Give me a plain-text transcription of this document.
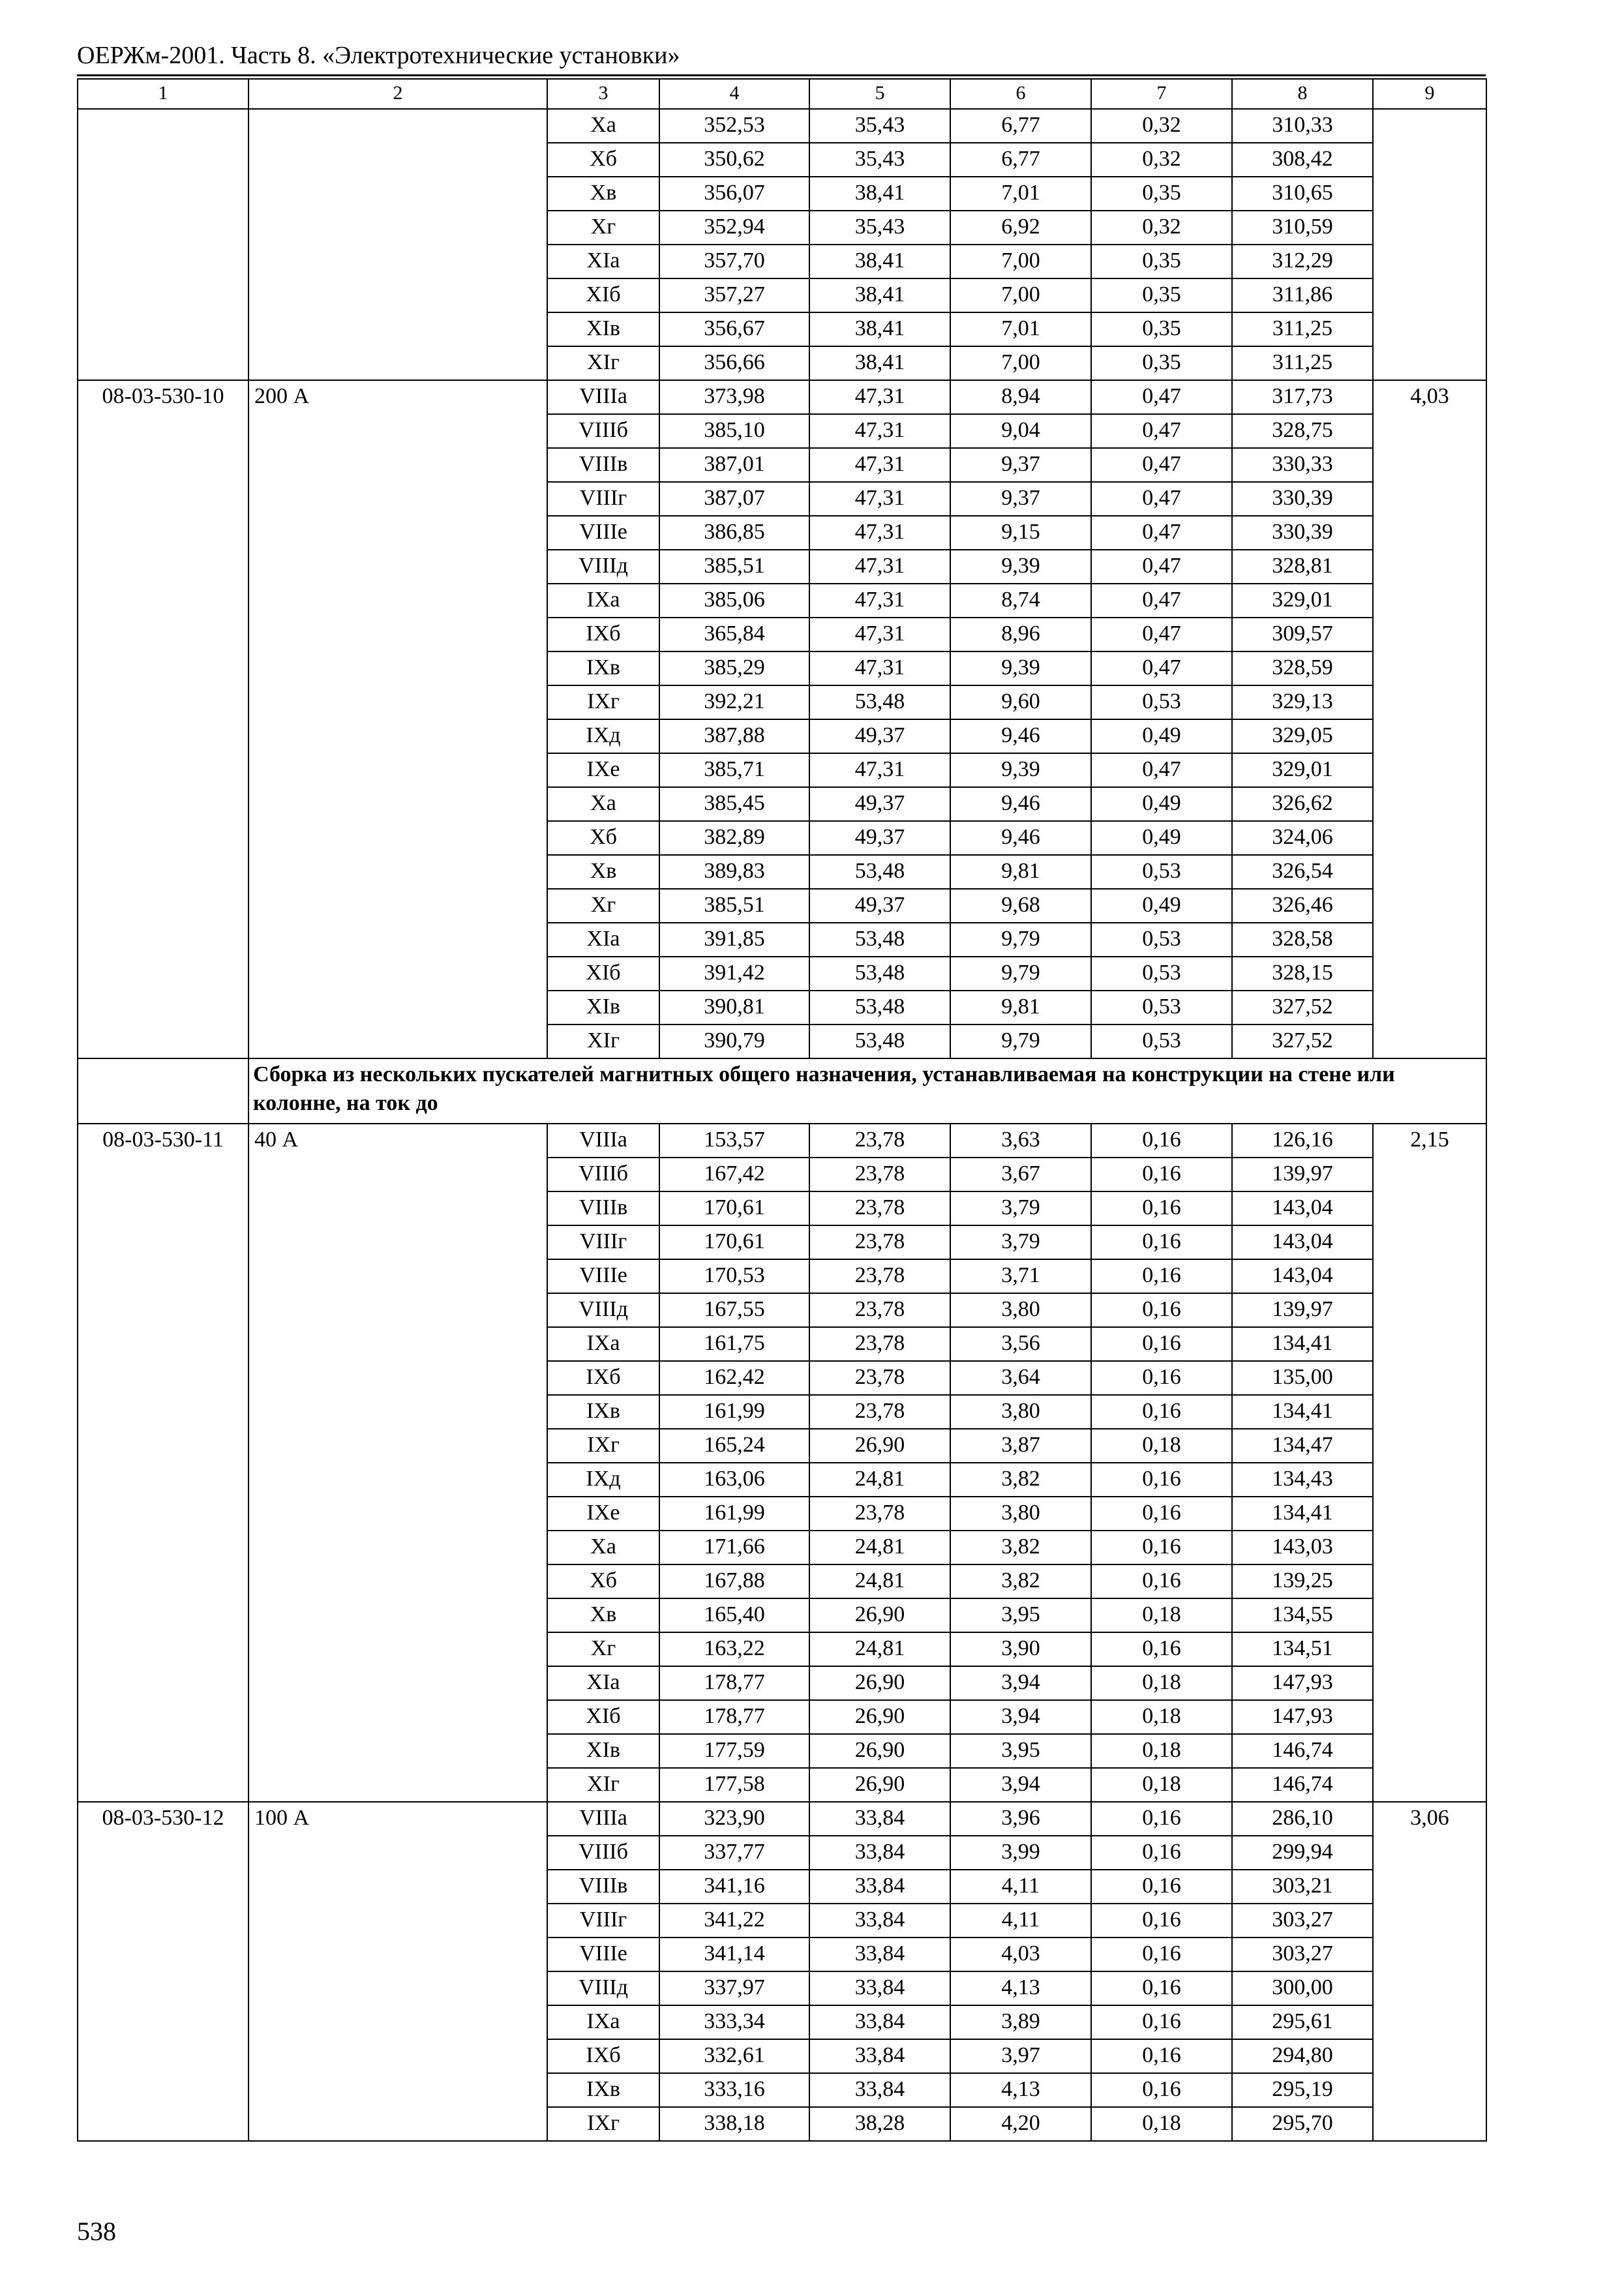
ОЕРЖм-2001. Часть 8. «Электротехнические установки»
1	2	3	4	5	6	7	8	9
		Xa	352,53	35,43	6,77	0,32	310,33	
		Xб	350,62	35,43	6,77	0,32	308,42	
		Xв	356,07	38,41	7,01	0,35	310,65	
		Xг	352,94	35,43	6,92	0,32	310,59	
		XIa	357,70	38,41	7,00	0,35	312,29	
		XIб	357,27	38,41	7,00	0,35	311,86	
		XIв	356,67	38,41	7,01	0,35	311,25	
		XIг	356,66	38,41	7,00	0,35	311,25	
08-03-530-10	200 А	VIIIa	373,98	47,31	8,94	0,47	317,73	4,03
		VIIIб	385,10	47,31	9,04	0,47	328,75	
		VIIIв	387,01	47,31	9,37	0,47	330,33	
		VIIIг	387,07	47,31	9,37	0,47	330,39	
		VIIIе	386,85	47,31	9,15	0,47	330,39	
		VIIIд	385,51	47,31	9,39	0,47	328,81	
		IXa	385,06	47,31	8,74	0,47	329,01	
		IXб	365,84	47,31	8,96	0,47	309,57	
		IXв	385,29	47,31	9,39	0,47	328,59	
		IXг	392,21	53,48	9,60	0,53	329,13	
		IXд	387,88	49,37	9,46	0,49	329,05	
		IXе	385,71	47,31	9,39	0,47	329,01	
		Xa	385,45	49,37	9,46	0,49	326,62	
		Xб	382,89	49,37	9,46	0,49	324,06	
		Xв	389,83	53,48	9,81	0,53	326,54	
		Xг	385,51	49,37	9,68	0,49	326,46	
		XIa	391,85	53,48	9,79	0,53	328,58	
		XIб	391,42	53,48	9,79	0,53	328,15	
		XIв	390,81	53,48	9,81	0,53	327,52	
		XIг	390,79	53,48	9,79	0,53	327,52	
	Сборка из нескольких пускателей магнитных общего назначения, устанавливаемая на конструкции на стене или колонне, на ток до							
08-03-530-11	40 А	VIIIa	153,57	23,78	3,63	0,16	126,16	2,15
		VIIIб	167,42	23,78	3,67	0,16	139,97	
		VIIIв	170,61	23,78	3,79	0,16	143,04	
		VIIIг	170,61	23,78	3,79	0,16	143,04	
		VIIIе	170,53	23,78	3,71	0,16	143,04	
		VIIIд	167,55	23,78	3,80	0,16	139,97	
		IXa	161,75	23,78	3,56	0,16	134,41	
		IXб	162,42	23,78	3,64	0,16	135,00	
		IXв	161,99	23,78	3,80	0,16	134,41	
		IXг	165,24	26,90	3,87	0,18	134,47	
		IXд	163,06	24,81	3,82	0,16	134,43	
		IXе	161,99	23,78	3,80	0,16	134,41	
		Xa	171,66	24,81	3,82	0,16	143,03	
		Xб	167,88	24,81	3,82	0,16	139,25	
		Xв	165,40	26,90	3,95	0,18	134,55	
		Xг	163,22	24,81	3,90	0,16	134,51	
		XIa	178,77	26,90	3,94	0,18	147,93	
		XIб	178,77	26,90	3,94	0,18	147,93	
		XIв	177,59	26,90	3,95	0,18	146,74	
		XIг	177,58	26,90	3,94	0,18	146,74	
08-03-530-12	100 А	VIIIa	323,90	33,84	3,96	0,16	286,10	3,06
		VIIIб	337,77	33,84	3,99	0,16	299,94	
		VIIIв	341,16	33,84	4,11	0,16	303,21	
		VIIIг	341,22	33,84	4,11	0,16	303,27	
		VIIIе	341,14	33,84	4,03	0,16	303,27	
		VIIIд	337,97	33,84	4,13	0,16	300,00	
		IXa	333,34	33,84	3,89	0,16	295,61	
		IXб	332,61	33,84	3,97	0,16	294,80	
		IXв	333,16	33,84	4,13	0,16	295,19	
		IXг	338,18	38,28	4,20	0,18	295,70	
538
